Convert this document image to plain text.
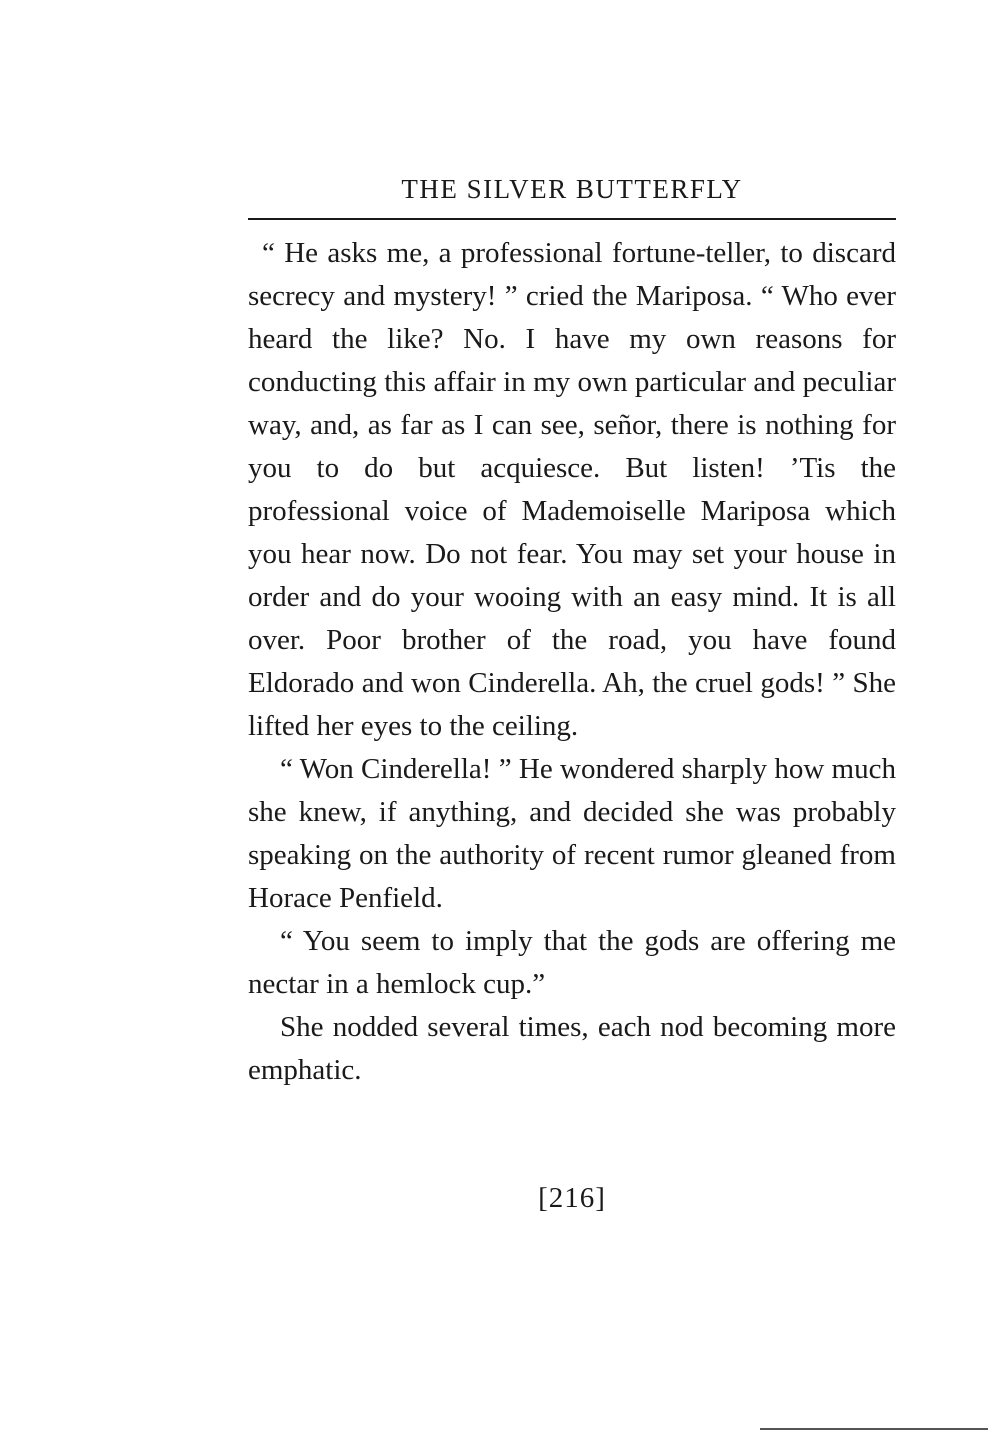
THE SILVER BUTTERFLY

“ He asks me, a professional fortune-teller, to discard secrecy and mystery! ” cried the Mariposa. “ Who ever heard the like? No. I have my own reasons for conducting this affair in my own particular and peculiar way, and, as far as I can see, señor, there is nothing for you to do but acquiesce. But listen! ’Tis the professional voice of Mademoiselle Mariposa which you hear now. Do not fear. You may set your house in order and do your wooing with an easy mind. It is all over. Poor brother of the road, you have found Eldorado and won Cinderella. Ah, the cruel gods! ” She lifted her eyes to the ceiling.

“ Won Cinderella! ” He wondered sharply how much she knew, if anything, and decided she was probably speaking on the authority of recent rumor gleaned from Horace Penfield.

“ You seem to imply that the gods are offering me nectar in a hemlock cup.”

She nodded several times, each nod becoming more emphatic.

[216]
